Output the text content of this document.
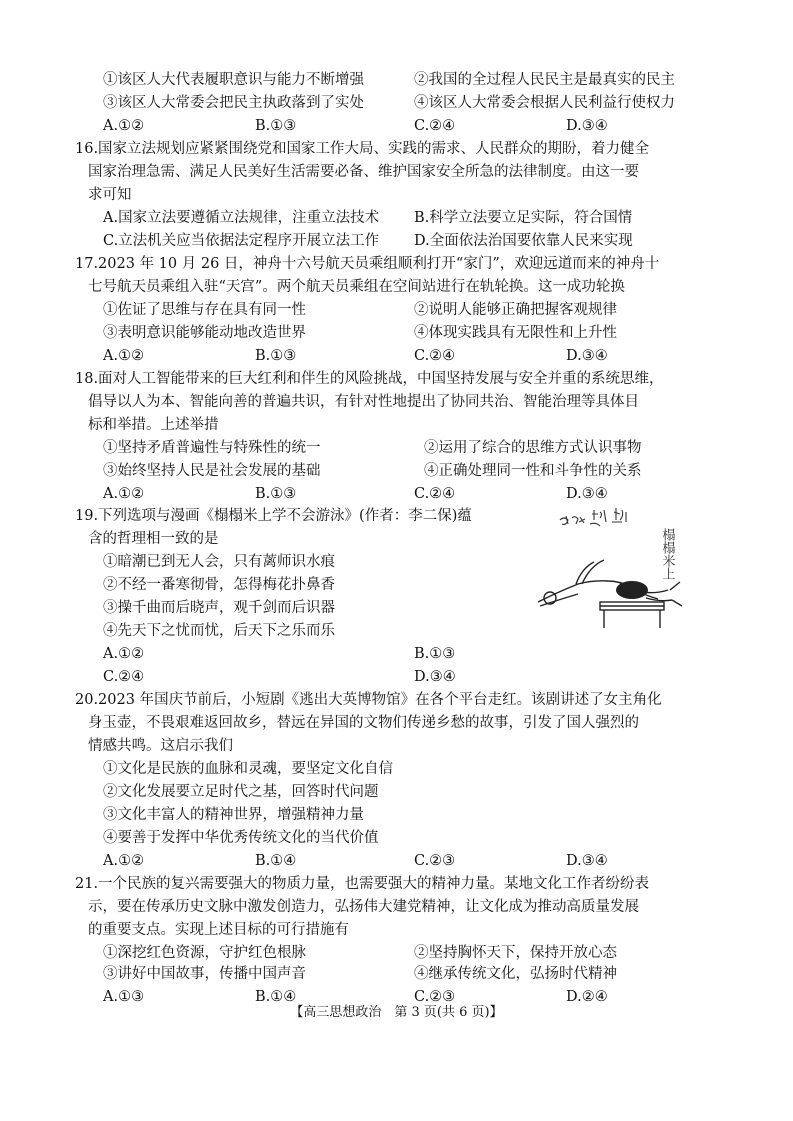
①该区人大代表履职意识与能力不断增强	②我国的全过程人民民主是最真实的民主
③该区人大常委会把民主执政落到了实处	④该区人大常委会根据人民利益行使权力
A.①②	B.①③	C.②④	D.③④
16.国家立法规划应紧紧围绕党和国家工作大局、实践的需求、人民群众的期盼，着力健全
国家治理急需、满足人民美好生活需要必备、维护国家安全所急的法律制度。由这一要
求可知
A.国家立法要遵循立法规律，注重立法技术 B.科学立法要立足实际，符合国情
C.立法机关应当依据法定程序开展立法工作 D.全面依法治国要依靠人民来实现
17.2023 年 10 月 26 日，神舟十六号航天员乘组顺利打开“家门”，欢迎远道而来的神舟十
七号航天员乘组入驻“天宫”。两个航天员乘组在空间站进行在轨轮换。这一成功轮换
①佐证了思维与存在具有同一性	②说明人能够正确把握客观规律
③表明意识能够能动地改造世界	④体现实践具有无限性和上升性
A.①②	B.①③	C.②④	D.③④
18.面对人工智能带来的巨大红利和伴生的风险挑战，中国坚持发展与安全并重的系统思维，
倡导以人为本、智能向善的普遍共识，有针对性地提出了协同共治、智能治理等具体目
标和举措。上述举措
①坚持矛盾普遍性与特殊性的统一	②运用了综合的思维方式认识事物
③始终坚持人民是社会发展的基础	④正确处理同一性和斗争性的关系
A.①②	B.①③	C.②④	D.③④
19.下列选项与漫画《榻榻米上学不会游泳》(作者：李二保)蕴
含的哲理相一致的是
①暗潮已到无人会，只有蓠师识水痕
②不经一番寒彻骨，怎得梅花扑鼻香
③操千曲而后晓声，观千剑而后识器
④先天下之忧而忧，后天下之乐而乐
A.①②	B.①③
C.②④	D.③④
榻榻米上
20.2023 年国庆节前后，小短剧《逃出大英博物馆》在各个平台走红。该剧讲述了女主角化
身玉壶，不畏艰难返回故乡，替远在异国的文物们传递乡愁的故事，引发了国人强烈的
情感共鸣。这启示我们
①文化是民族的血脉和灵魂，要坚定文化自信
②文化发展要立足时代之基，回答时代问题
③文化丰富人的精神世界，增强精神力量
④要善于发挥中华优秀传统文化的当代价值
A.①②	B.①④	C.②③	D.③④
21.一个民族的复兴需要强大的物质力量，也需要强大的精神力量。某地文化工作者纷纷表
示，要在传承历史文脉中激发创造力，弘扬伟大建党精神，让文化成为推动高质量发展
的重要支点。实现上述目标的可行措施有
①深挖红色资源，守护红色根脉	②坚持胸怀天下，保持开放心态
③讲好中国故事，传播中国声音	④继承传统文化，弘扬时代精神
A.①③	B.①④	C.②③	D.②④
【高三思想政治　第 3 页(共 6 页)】
